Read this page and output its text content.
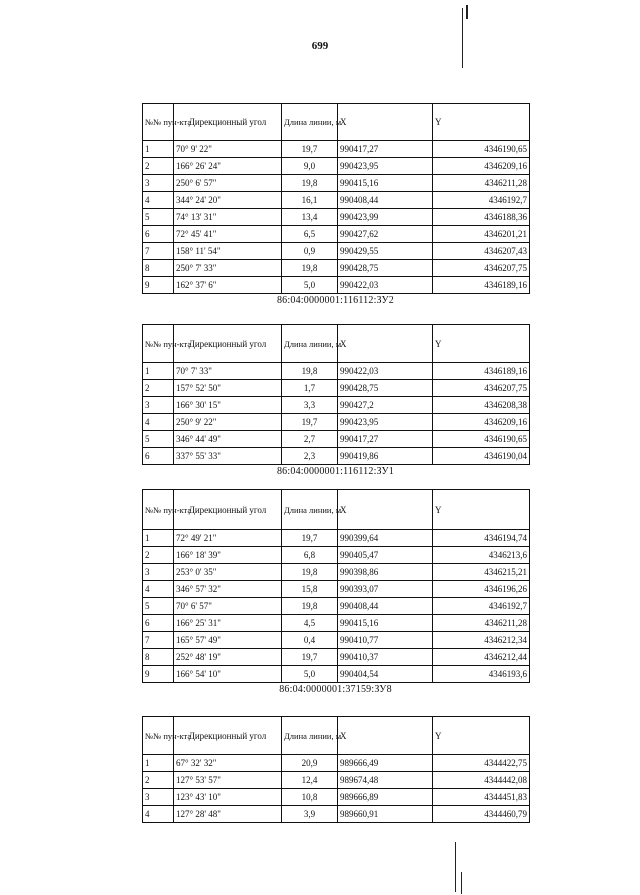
699
№№ пун-кта	Дирекционный угол	Длина линии, м	X	Y
1	70° 9' 22"	19,7	990417,27	4346190,65
2	166° 26' 24"	9,0	990423,95	4346209,16
3	250° 6' 57"	19,8	990415,16	4346211,28
4	344° 24' 20"	16,1	990408,44	4346192,7
5	74° 13' 31"	13,4	990423,99	4346188,36
6	72° 45' 41"	6,5	990427,62	4346201,21
7	158° 11' 54"	0,9	990429,55	4346207,43
8	250° 7' 33"	19,8	990428,75	4346207,75
9	162° 37' 6"	5,0	990422,03	4346189,16
86:04:0000001:116112:ЗУ2
№№ пун-кта	Дирекционный угол	Длина линии, м	X	Y
1	70° 7' 33"	19,8	990422,03	4346189,16
2	157° 52' 50"	1,7	990428,75	4346207,75
3	166° 30' 15"	3,3	990427,2	4346208,38
4	250° 9' 22"	19,7	990423,95	4346209,16
5	346° 44' 49"	2,7	990417,27	4346190,65
6	337° 55' 33"	2,3	990419,86	4346190,04
86:04:0000001:116112:ЗУ1
№№ пун-кта	Дирекционный угол	Длина линии, м	X	Y
1	72° 49' 21"	19,7	990399,64	4346194,74
2	166° 18' 39"	6,8	990405,47	4346213,6
3	253° 0' 35"	19,8	990398,86	4346215,21
4	346° 57' 32"	15,8	990393,07	4346196,26
5	70° 6' 57"	19,8	990408,44	4346192,7
6	166° 25' 31"	4,5	990415,16	4346211,28
7	165° 57' 49"	0,4	990410,77	4346212,34
8	252° 48' 19"	19,7	990410,37	4346212,44
9	166° 54' 10"	5,0	990404,54	4346193,6
86:04:0000001:37159:ЗУ8
№№ пун-кта	Дирекционный угол	Длина линии, м	X	Y
1	67° 32' 32"	20,9	989666,49	4344422,75
2	127° 53' 57"	12,4	989674,48	4344442,08
3	123° 43' 10"	10,8	989666,89	4344451,83
4	127° 28' 48"	3,9	989660,91	4344460,79
